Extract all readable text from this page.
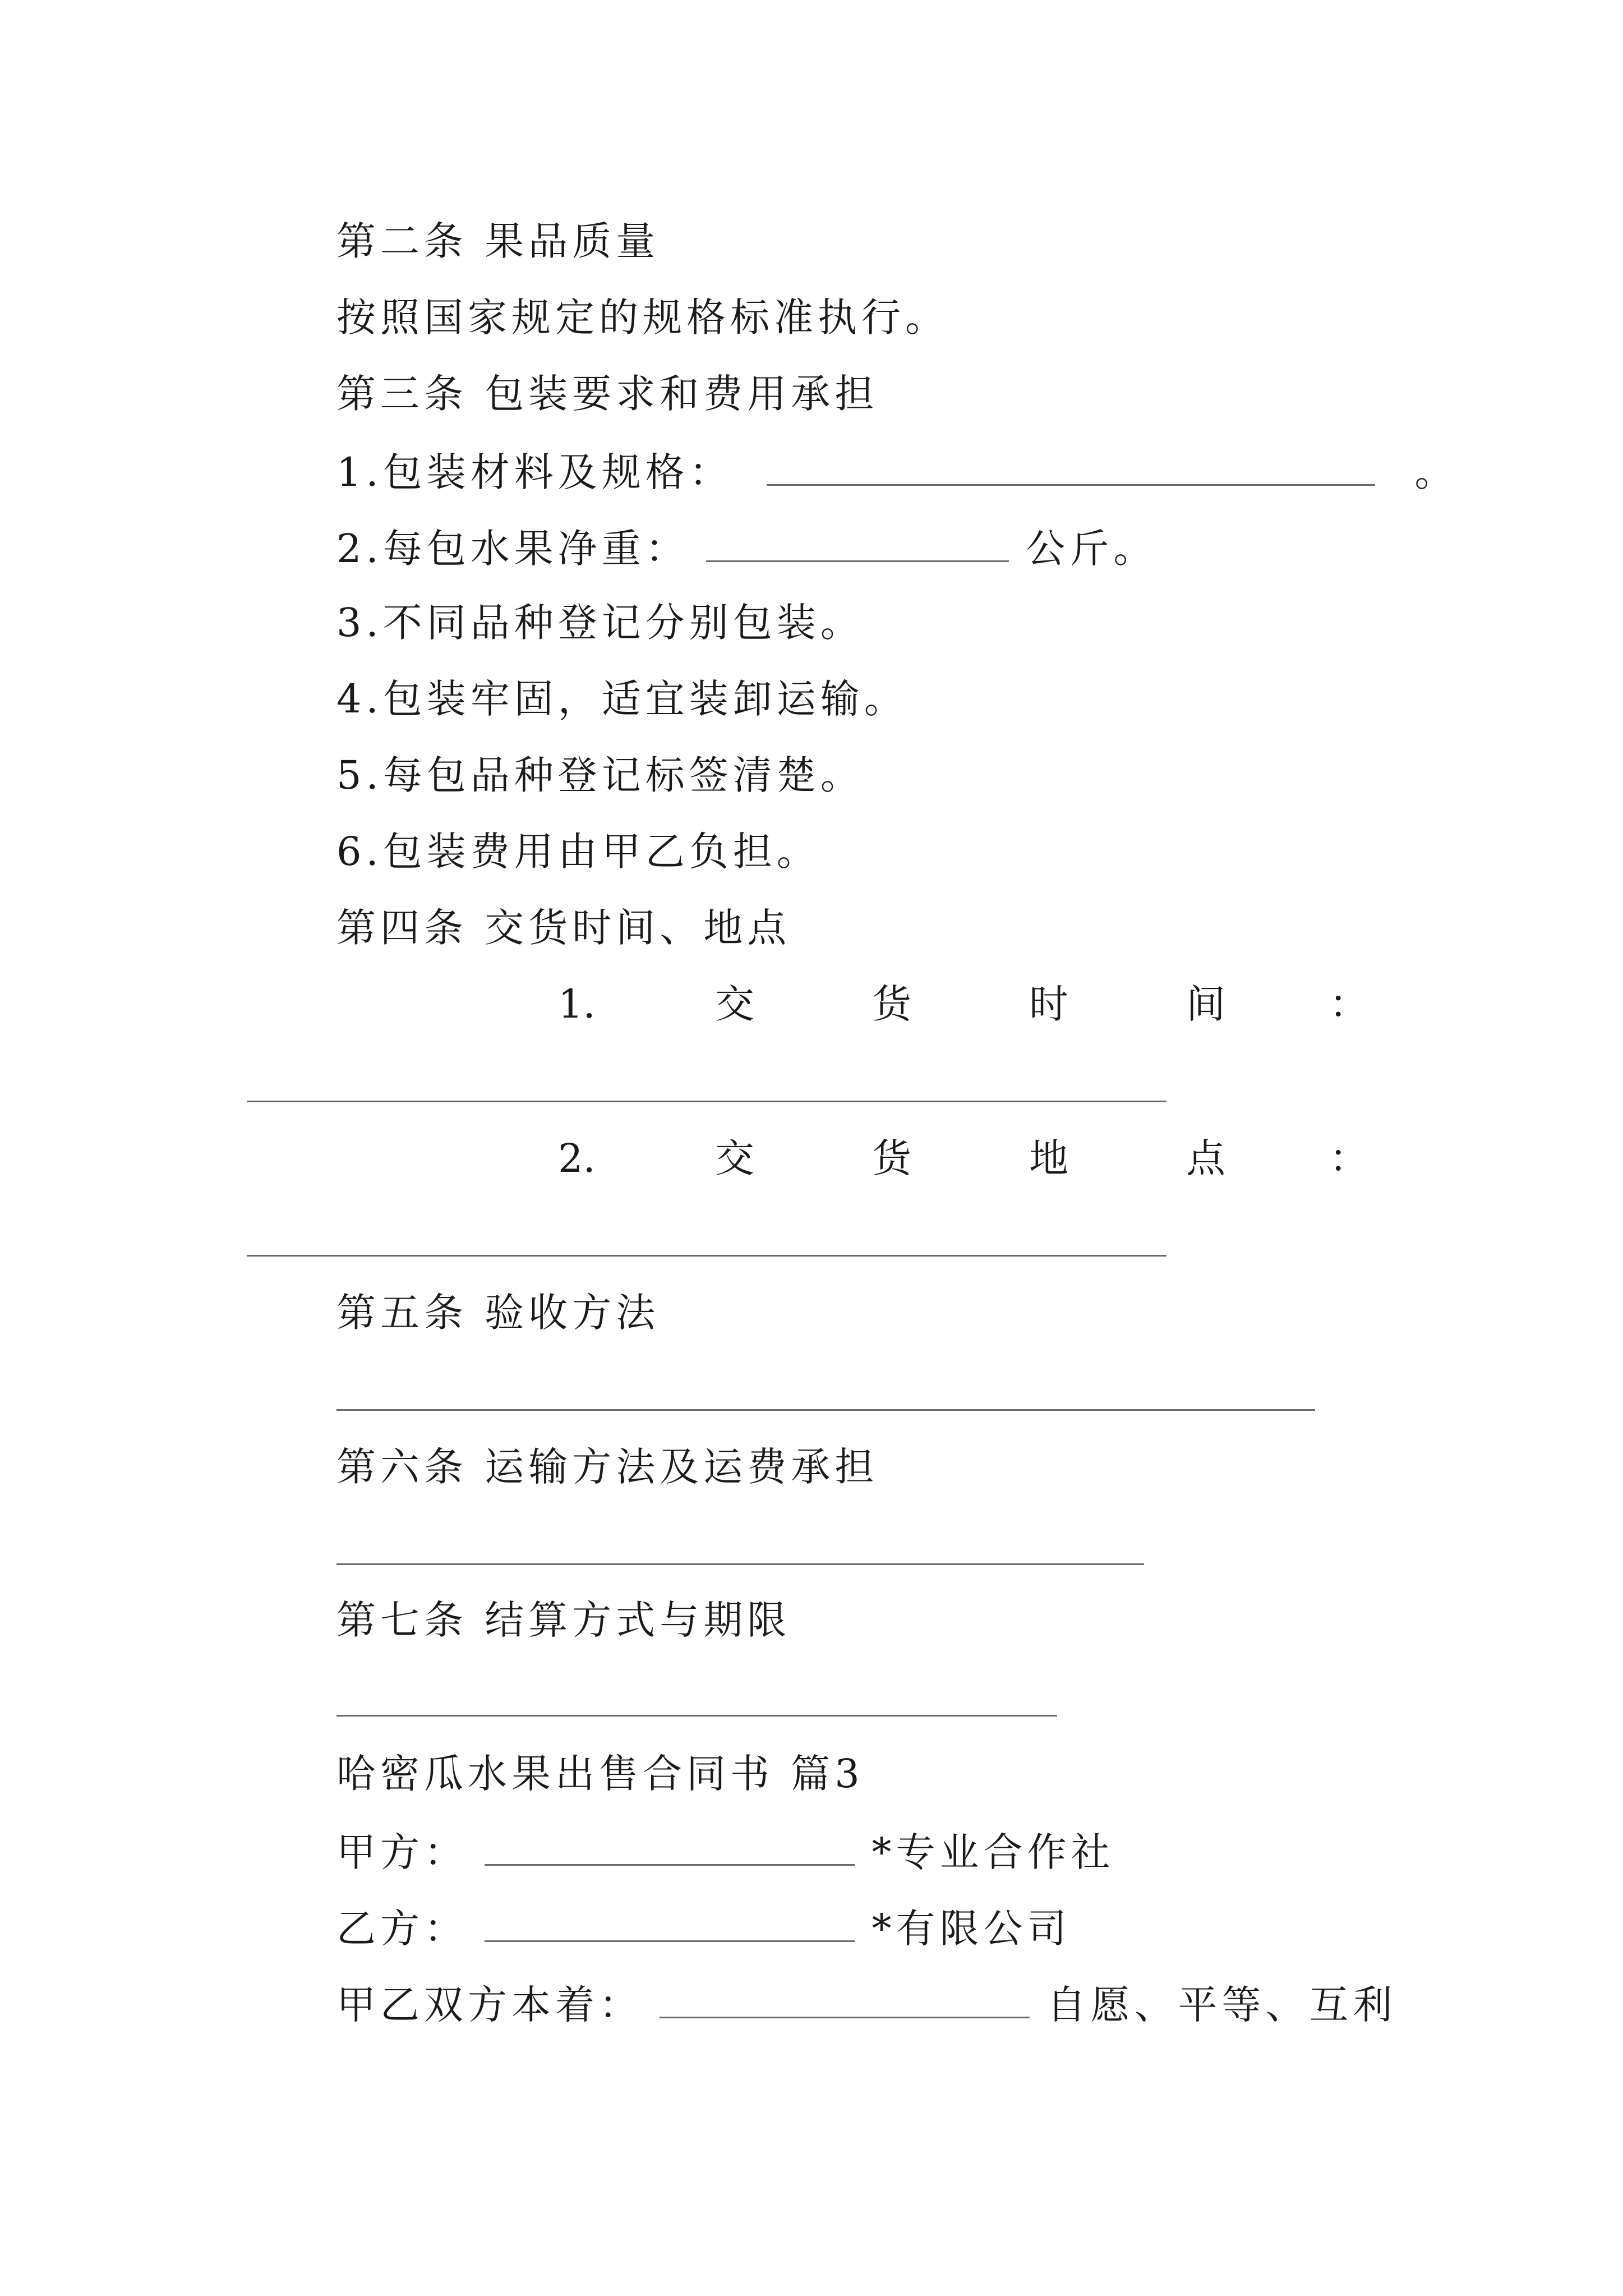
第二条 果品质量
按照国家规定的规格标准执行。
第三条 包装要求和费用承担
1.包装材料及规格：	。
2.每包水果净重：	公斤。
3.不同品种登记分别包装。
4.包装牢固，适宜装卸运输。
5.每包品种登记标签清楚。
6.包装费用由甲乙负担。
第四条 交货时间、地点
1.	交	货	时	间	：
2.	交	货	地	点	：
第五条 验收方法
第六条 运输方法及运费承担
第七条 结算方式与期限
哈密瓜水果出售合同书 篇3
甲方：	*专业合作社
乙方：	*有限公司
甲乙双方本着：	自愿、平等、互利
